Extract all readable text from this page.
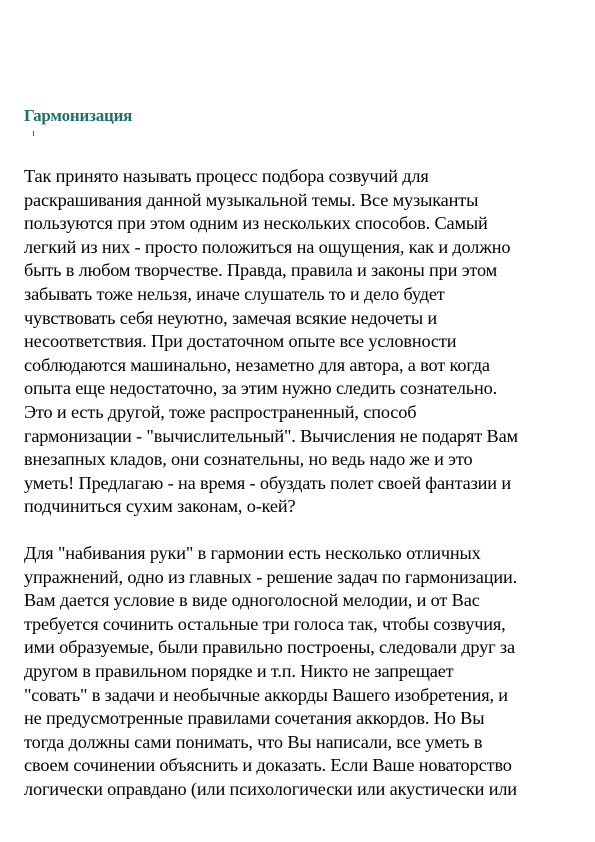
Гармонизация

Так принято называть процесс подбора созвучий для
раскрашивания данной музыкальной темы. Все музыканты
пользуются при этом одним из нескольких способов. Самый
легкий из них - просто положиться на ощущения, как и должно
быть в любом творчестве. Правда, правила и законы при этом
забывать тоже нельзя, иначе слушатель то и дело будет
чувствовать себя неуютно, замечая всякие недочеты и
несоответствия. При достаточном опыте все условности
соблюдаются машинально, незаметно для автора, а вот когда
опыта еще недостаточно, за этим нужно следить сознательно.
Это и есть другой, тоже распространенный, способ
гармонизации - "вычислительный". Вычисления не подарят Вам
внезапных кладов, они сознательны, но ведь надо же и это
уметь! Предлагаю - на время - обуздать полет своей фантазии и
подчиниться сухим законам, о-кей?

Для "набивания руки" в гармонии есть несколько отличных
упражнений, одно из главных - решение задач по гармонизации.
Вам дается условие в виде одноголосной мелодии, и от Вас
требуется сочинить остальные три голоса так, чтобы созвучия,
ими образуемые, были правильно построены, следовали друг за
другом в правильном порядке и т.п. Никто не запрещает
"совать" в задачи и необычные аккорды Вашего изобретения, и
не предусмотренные правилами сочетания аккордов. Но Вы
тогда должны сами понимать, что Вы написали, все уметь в
своем сочинении объяснить и доказать. Если Ваше новаторство
логически оправдано (или психологически или акустически или
